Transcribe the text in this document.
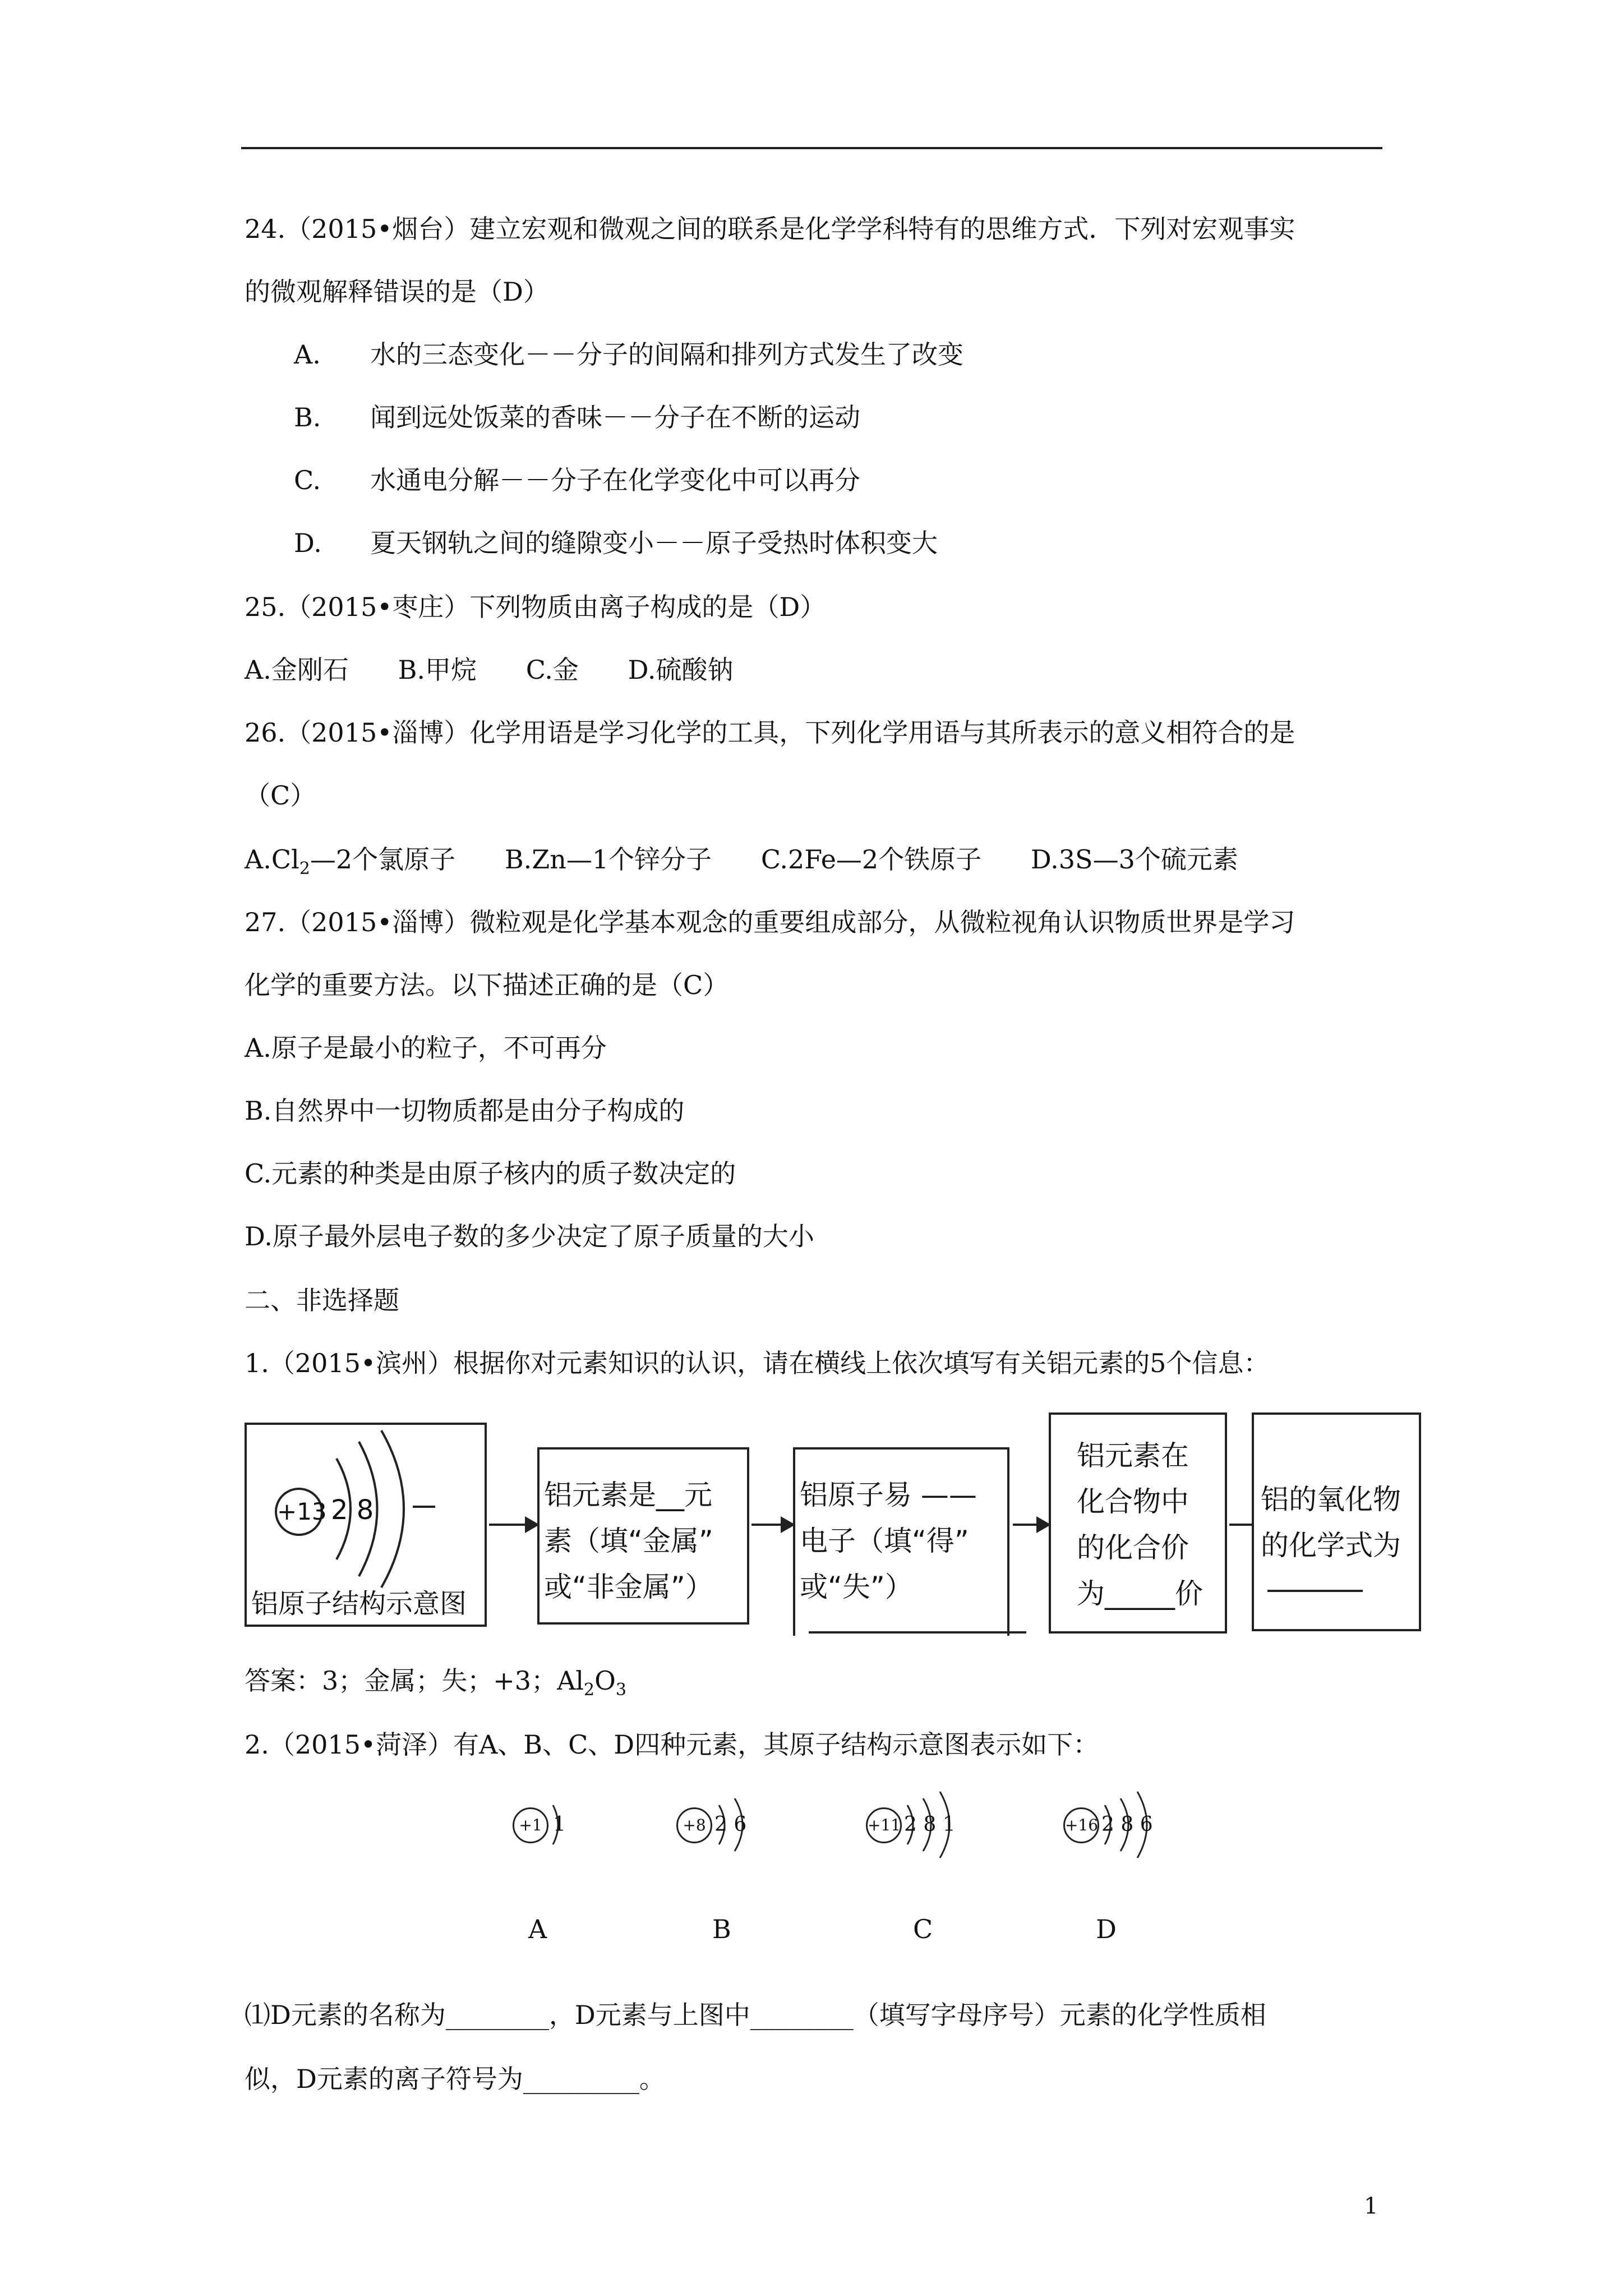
24.（2015•烟台）建立宏观和微观之间的联系是化学学科特有的思维方式．下列对宏观事实
的微观解释错误的是（D）
A. 水的三态变化－－分子的间隔和排列方式发生了改变
B. 闻到远处饭菜的香味－－分子在不断的运动
C. 水通电分解－－分子在化学变化中可以再分
D. 夏天钢轨之间的缝隙变小－－原子受热时体积变大
25.（2015•枣庄）下列物质由离子构成的是（D）
A.金刚石      B.甲烷      C.金      D.硫酸钠
26.（2015•淄博）化学用语是学习化学的工具，下列化学用语与其所表示的意义相符合的是
（C）
$A.Cl_2—2$个氯原子      B.Zn—1个锌分子      C.2Fe—2个铁原子      D.3S—3个硫元素
27.（2015•淄博）微粒观是化学基本观念的重要组成部分，从微粒视角认识物质世界是学习
化学的重要方法。以下描述正确的是（C）
A.原子是最小的粒子，不可再分
B.自然界中一切物质都是由分子构成的
C.元素的种类是由原子核内的质子数决定的
D.原子最外层电子数的多少决定了原子质量的大小
二、非选择题
1.（2015•滨州）根据你对元素知识的认识，请在横线上依次填写有关铝元素的5个信息：
+13 2 8
铝原子结构示意图
铝元素是__元
素（填“金属”
或“非金属”）
铝原子易 ——
电子（填“得”
或“失”）
铝元素在
化合物中
的化合价
为_____价
铝的氧化物
的化学式为
答案：3；金属；失；+3；$Al_2O_3$
2.（2015•菏泽）有A、B、C、D四种元素，其原子结构示意图表示如下：
+1 1
A
+8 2 6
B
+11 2 8 1
C
+16 2 8 6
D
⑴D元素的名称为________，D元素与上图中________（填写字母序号）元素的化学性质相
似，D元素的离子符号为_________。
1
